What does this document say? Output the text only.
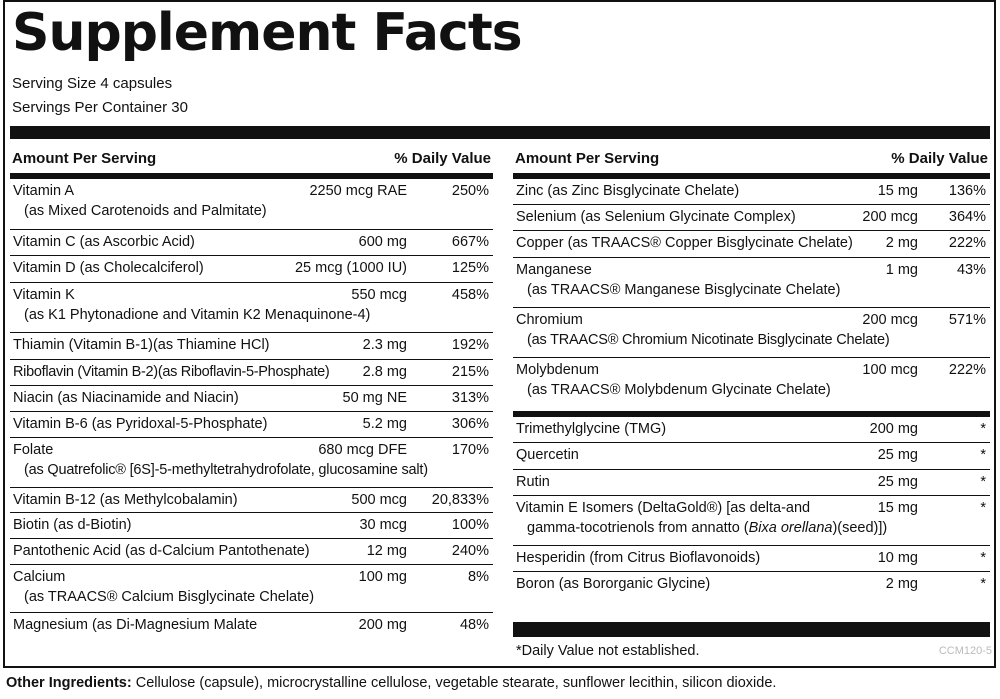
Supplement Facts
Serving Size 4 capsules
Servings Per Container 30
Amount Per Serving	% Daily Value
Vitamin A
(as Mixed Carotenoids and Palmitate)
2250 mcg RAE	250%
Vitamin C (as Ascorbic Acid)	600 mg	667%
Vitamin D (as Cholecalciferol)	25 mcg (1000 IU)	125%
Vitamin K
(as K1 Phytonadione and Vitamin K2 Menaquinone-4)
550 mcg	458%
Thiamin (Vitamin B-1)(as Thiamine HCl)	2.3 mg	192%
Riboflavin (Vitamin B-2)(as Riboflavin-5-Phosphate) 2.8 mg	215%
Niacin (as Niacinamide and Niacin)	50 mg NE	313%
Vitamin B-6 (as Pyridoxal-5-Phosphate)	5.2 mg	306%
Folate
(as Quatrefolic® [6S]-5-methyltetrahydrofolate, glucosamine salt)
680 mcg DFE	170%
Vitamin B-12 (as Methylcobalamin)	500 mcg 20,833%
Biotin (as d-Biotin)	30 mcg	100%
Pantothenic Acid (as d-Calcium Pantothenate)	12 mg	240%
Calcium
(as TRAACS® Calcium Bisglycinate Chelate)
100 mg	8%
Magnesium (as Di-Magnesium Malate	200 mg	48%
Amount Per Serving	% Daily Value
Zinc (as Zinc Bisglycinate Chelate)	15 mg 136%
Selenium (as Selenium Glycinate Complex)	200 mcg 364%
Copper (as TRAACS® Copper Bisglycinate Chelate) 2 mg 222%
Manganese
(as TRAACS® Manganese Bisglycinate Chelate)
1 mg	43%
Chromium
(as TRAACS® Chromium Nicotinate Bisglycinate Chelate)
200 mcg 571%
Molybdenum
(as TRAACS® Molybdenum Glycinate Chelate)
100 mcg 222%
Trimethylglycine (TMG)	200 mg	*
Quercetin	25 mg	*
Rutin	25 mg	*
Vitamin E Isomers (DeltaGold®) [as delta-and
gamma-tocotrienols from annatto (Bixa orellana)(seed)])
15 mg	*
Hesperidin (from Citrus Bioflavonoids)	10 mg	*
Boron (as Bororganic Glycine)	2 mg	*
*Daily Value not established.	CCM120-5
Other Ingredients: Cellulose (capsule), microcrystalline cellulose, vegetable stearate, sunflower lecithin, silicon dioxide.
